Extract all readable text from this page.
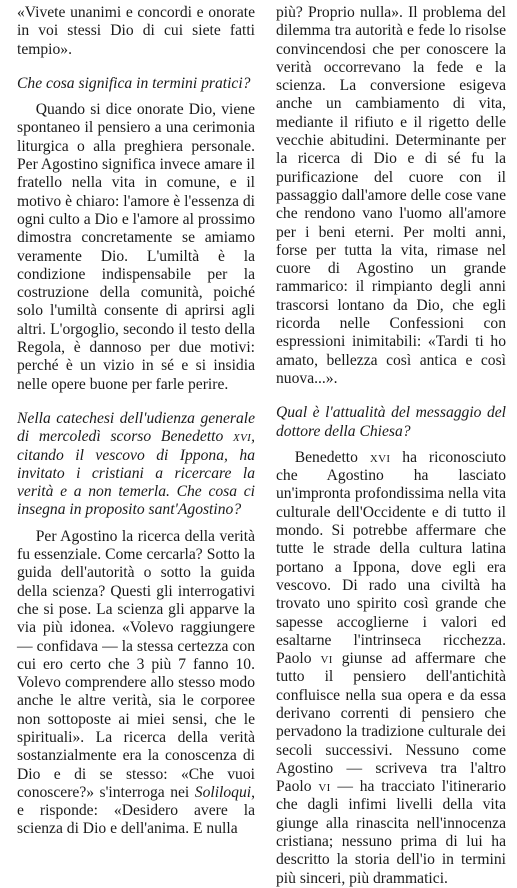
«Vivete unanimi e concordi e onorate in voi stessi Dio di cui siete fatti tempio».

Che cosa significa in termini pratici?

Quando si dice onorate Dio, viene spontaneo il pensiero a una cerimonia liturgica o alla preghiera personale. Per Agostino significa invece amare il fratello nella vita in comune, e il motivo è chiaro: l'amore è l'essenza di ogni culto a Dio e l'amore al prossimo dimostra concretamente se amiamo veramente Dio. L'umiltà è la condizione indispensabile per la costruzione della comunità, poiché solo l'umiltà consente di aprirsi agli altri. L'orgoglio, secondo il testo della Regola, è dannoso per due motivi: perché è un vizio in sé e si insidia nelle opere buone per farle perire.

Nella catechesi dell'udienza generale di mercoledì scorso Benedetto xvi, citando il vescovo di Ippona, ha invitato i cristiani a ricercare la verità e a non temerla. Che cosa ci insegna in proposito sant'Agostino?

Per Agostino la ricerca della verità fu essenziale. Come cercarla? Sotto la guida dell'autorità o sotto la guida della scienza? Questi gli interrogativi che si pose. La scienza gli apparve la via più idonea. «Volevo raggiungere — confidava — la stessa certezza con cui ero certo che 3 più 7 fanno 10. Volevo comprendere allo stesso modo anche le altre verità, sia le corporee non sottoposte ai miei sensi, che le spirituali». La ricerca della verità sostanzialmente era la conoscenza di Dio e di se stesso: «Che vuoi conoscere?» s'interroga nei Soliloqui, e risponde: «Desidero avere la scienza di Dio e dell'anima. E nulla

più? Proprio nulla». Il problema del dilemma tra autorità e fede lo risolse convincendosi che per conoscere la verità occorrevano la fede e la scienza. La conversione esigeva anche un cambiamento di vita, mediante il rifiuto e il rigetto delle vecchie abitudini. Determinante per la ricerca di Dio e di sé fu la purificazione del cuore con il passaggio dall'amore delle cose vane che rendono vano l'uomo all'amore per i beni eterni. Per molti anni, forse per tutta la vita, rimase nel cuore di Agostino un grande rammarico: il rimpianto degli anni trascorsi lontano da Dio, che egli ricorda nelle Confessioni con espressioni inimitabili: «Tardi ti ho amato, bellezza così antica e così nuova...».

Qual è l'attualità del messaggio del dottore della Chiesa?

Benedetto xvi ha riconosciuto che Agostino ha lasciato un'impronta profondissima nella vita culturale dell'Occidente e di tutto il mondo. Si potrebbe affermare che tutte le strade della cultura latina portano a Ippona, dove egli era vescovo. Di rado una civiltà ha trovato uno spirito così grande che sapesse accoglierne i valori ed esaltarne l'intrinseca ricchezza. Paolo vi giunse ad affermare che tutto il pensiero dell'antichità confluisce nella sua opera e da essa derivano correnti di pensiero che pervadono la tradizione culturale dei secoli successivi. Nessuno come Agostino — scriveva tra l'altro Paolo vi — ha tracciato l'itinerario che dagli infimi livelli della vita giunge alla rinascita nell'innocenza cristiana; nessuno prima di lui ha descritto la storia dell'io in termini più sinceri, più drammatici.
